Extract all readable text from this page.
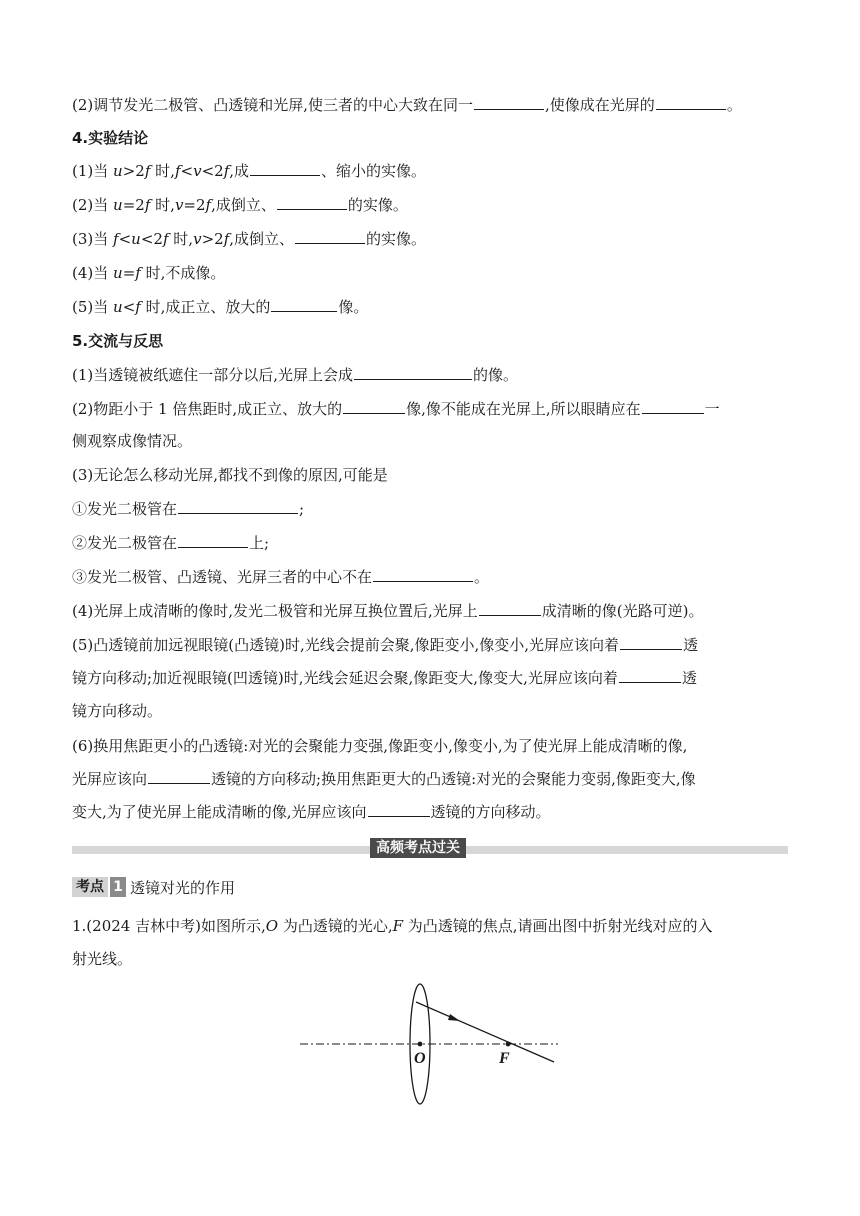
(2)调节发光二极管、凸透镜和光屏,使三者的中心大致在同一	,使像成在光屏的	。
4.实验结论
(1)当 u>2f 时,f<v<2f,成	、缩小的实像。
(2)当 u=2f 时,v=2f,成倒立、	的实像。
(3)当 f<u<2f 时,v>2f,成倒立、	的实像。
(4)当 u=f 时,不成像。
(5)当 u<f 时,成正立、放大的	像。
5.交流与反思
(1)当透镜被纸遮住一部分以后,光屏上会成	的像。
(2)物距小于 1 倍焦距时,成正立、放大的	像,像不能成在光屏上,所以眼睛应在	一
侧观察成像情况。
(3)无论怎么移动光屏,都找不到像的原因,可能是
①发光二极管在	;
②发光二极管在	上;
③发光二极管、凸透镜、光屏三者的中心不在	。
(4)光屏上成清晰的像时,发光二极管和光屏互换位置后,光屏上	成清晰的像(光路可逆)。
(5)凸透镜前加远视眼镜(凸透镜)时,光线会提前会聚,像距变小,像变小,光屏应该向着	透
镜方向移动;加近视眼镜(凹透镜)时,光线会延迟会聚,像距变大,像变大,光屏应该向着	透
镜方向移动。
(6)换用焦距更小的凸透镜:对光的会聚能力变强,像距变小,像变小,为了使光屏上能成清晰的像,
光屏应该向	透镜的方向移动;换用焦距更大的凸透镜:对光的会聚能力变弱,像距变大,像
变大,为了使光屏上能成清晰的像,光屏应该向	透镜的方向移动。
高频考点过关
考点 1 透镜对光的作用
1.(2024 吉林中考)如图所示,O 为凸透镜的光心,F 为凸透镜的焦点,请画出图中折射光线对应的入
射光线。
O	F
